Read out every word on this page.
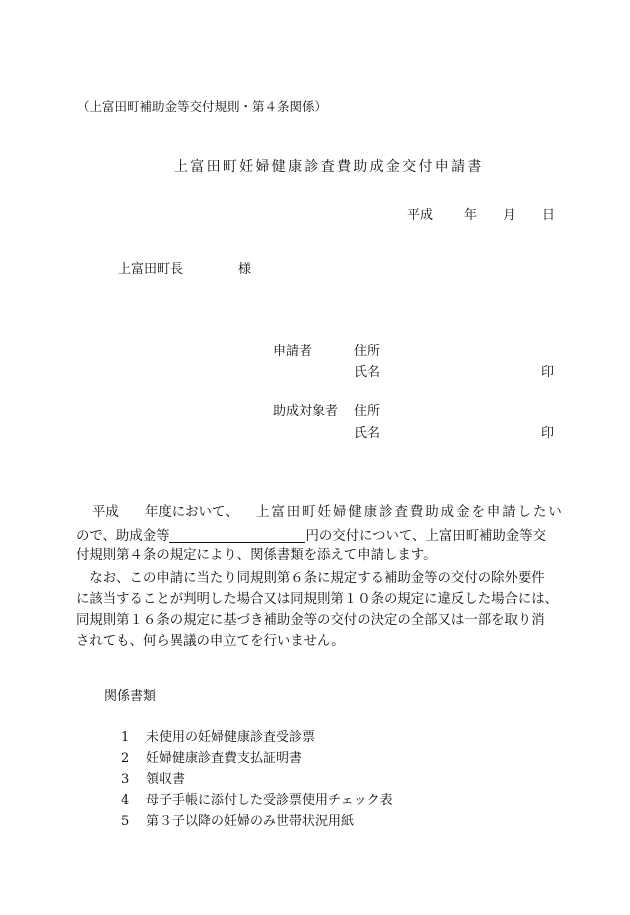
（上富田町補助金等交付規則・第４条関係）
上富田町妊婦健康診査費助成金交付申請書
平成 年 月 日
上富田町長	様
申請者	住所
氏名	印
助成対象者 住所
氏名	印
平成 年度において、 上富田町妊婦健康診査費助成金を申請したい
ので、助成金等	円の交付について、上富田町補助金等交
付規則第４条の規定により、関係書類を添えて申請します。
　なお、この申請に当たり同規則第６条に規定する補助金等の交付の除外要件
に該当することが判明した場合又は同規則第１０条の規定に違反した場合には、
同規則第１６条の規定に基づき補助金等の交付の決定の全部又は一部を取り消
されても、何ら異議の申立てを行いません。
関係書類
1 未使用の妊婦健康診査受診票
2 妊婦健康診査費支払証明書
3 領収書
4 母子手帳に添付した受診票使用チェック表
5 第３子以降の妊婦のみ世帯状況用紙
